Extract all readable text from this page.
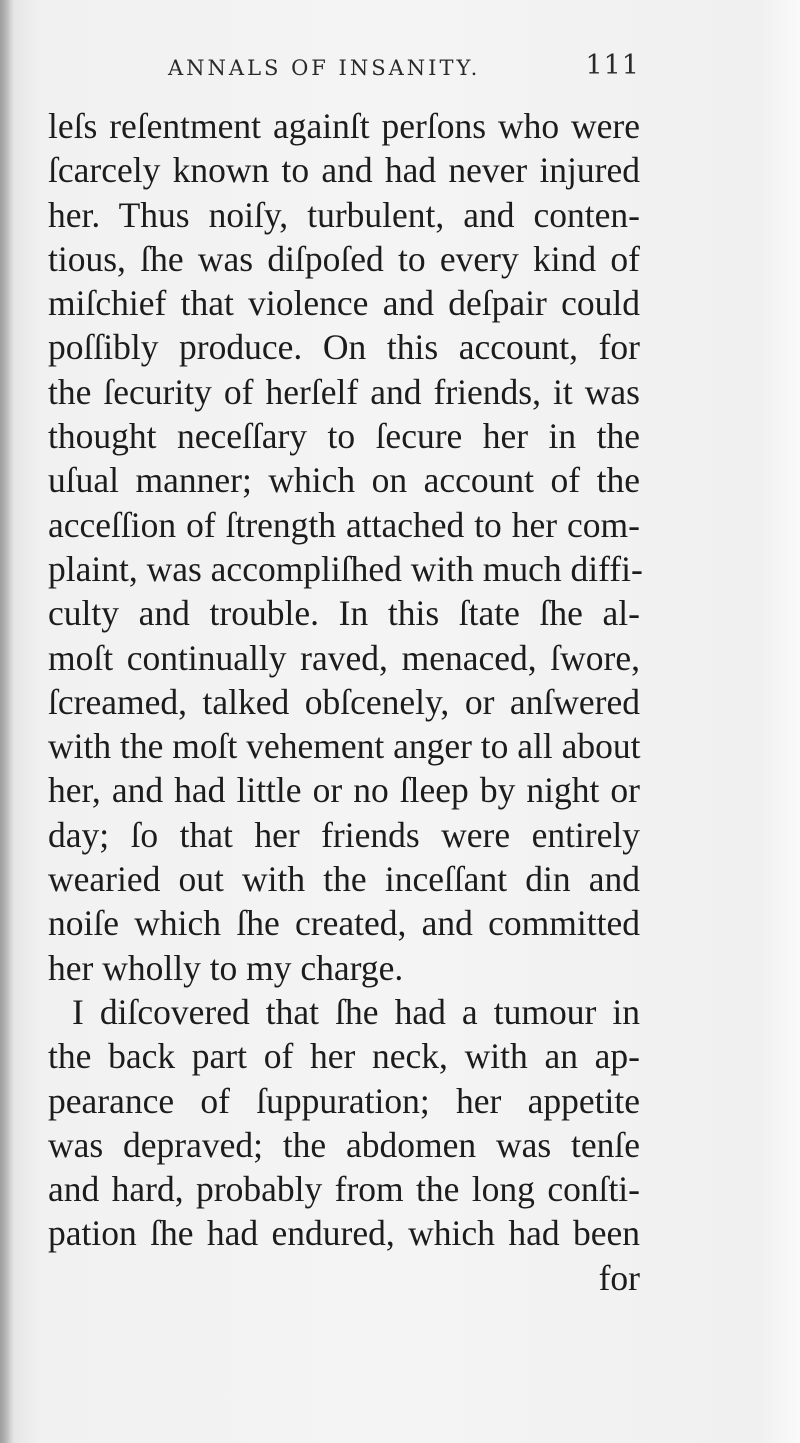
ANNALS OF INSANITY.	111
leſs reſentment againſt perſons who were
ſcarcely known to and had never injured
her. Thus noiſy, turbulent, and conten-
tious, ſhe was diſpoſed to every kind of
miſchief that violence and deſpair could
poſſibly produce. On this account, for
the ſecurity of herſelf and friends, it was
thought neceſſary to ſecure her in the
uſual manner; which on account of the
acceſſion of ſtrength attached to her com-
plaint, was accompliſhed with much diffi-
culty and trouble. In this ſtate ſhe al-
moſt continually raved, menaced, ſwore,
ſcreamed, talked obſcenely, or anſwered
with the moſt vehement anger to all about
her, and had little or no ſleep by night or
day; ſo that her friends were entirely
wearied out with the inceſſant din and
noiſe which ſhe created, and committed
her wholly to my charge.
I diſcovered that ſhe had a tumour in
the back part of her neck, with an ap-
pearance of ſuppuration; her appetite
was depraved; the abdomen was tenſe
and hard, probably from the long conſti-
pation ſhe had endured, which had been
for
